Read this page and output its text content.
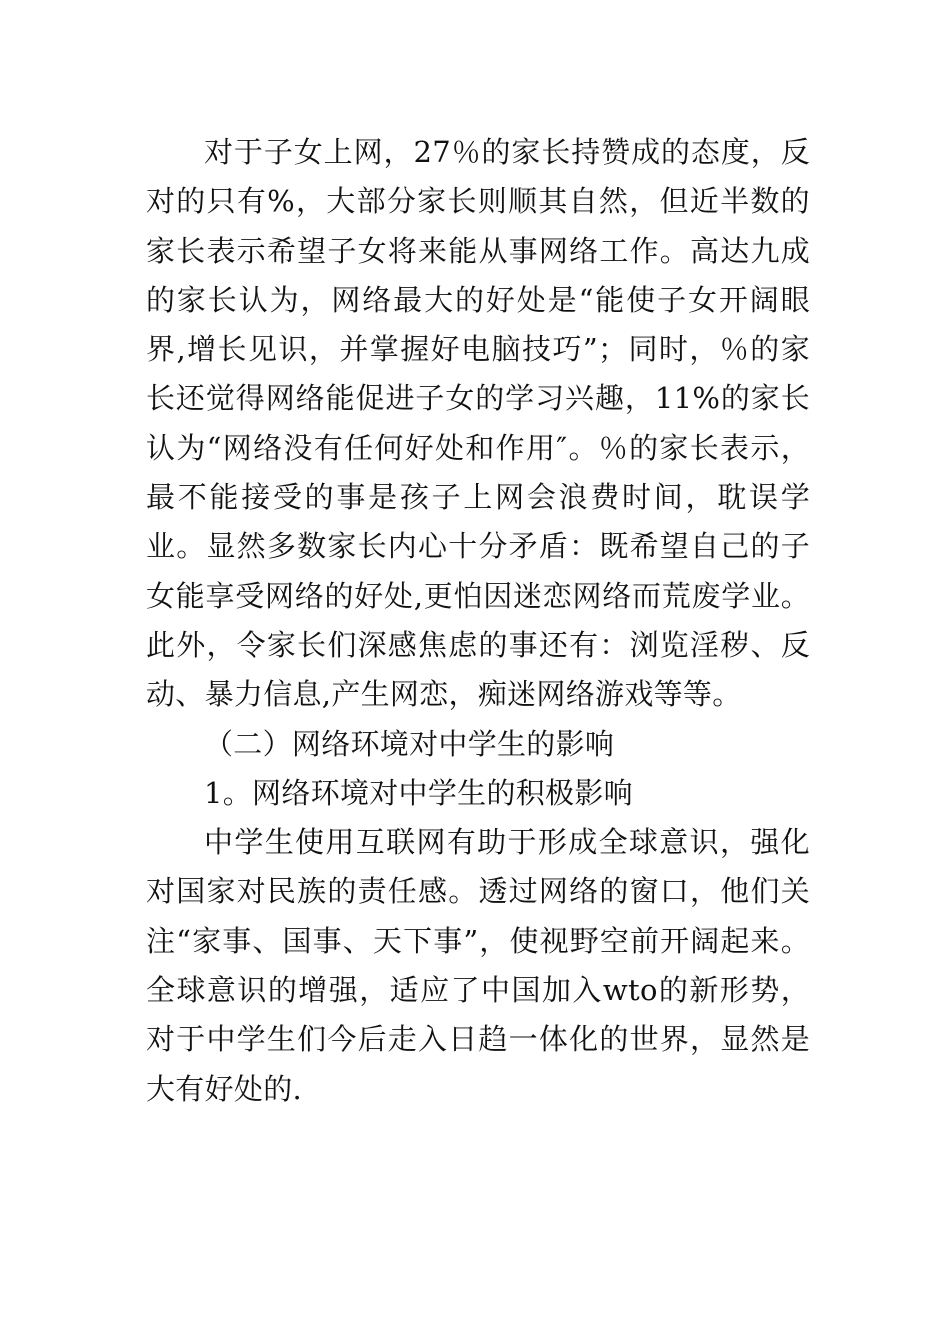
对于子女上网，27％的家长持赞成的态度，反对的只有%，大部分家长则顺其自然，但近半数的家长表示希望子女将来能从事网络工作。高达九成的家长认为，网络最大的好处是“能使子女开阔眼界,增长见识，并掌握好电脑技巧”；同时，％的家长还觉得网络能促进子女的学习兴趣，11%的家长认为“网络没有任何好处和作用″。％的家长表示，最不能接受的事是孩子上网会浪费时间，耽误学业。显然多数家长内心十分矛盾：既希望自己的子女能享受网络的好处,更怕因迷恋网络而荒废学业。此外，令家长们深感焦虑的事还有：浏览淫秽、反动、暴力信息,产生网恋，痴迷网络游戏等等。

（二）网络环境对中学生的影响

1。网络环境对中学生的积极影响

中学生使用互联网有助于形成全球意识，强化对国家对民族的责任感。透过网络的窗口，他们关注“家事、国事、天下事”，使视野空前开阔起来。全球意识的增强，适应了中国加入wto的新形势，对于中学生们今后走入日趋一体化的世界，显然是大有好处的.
